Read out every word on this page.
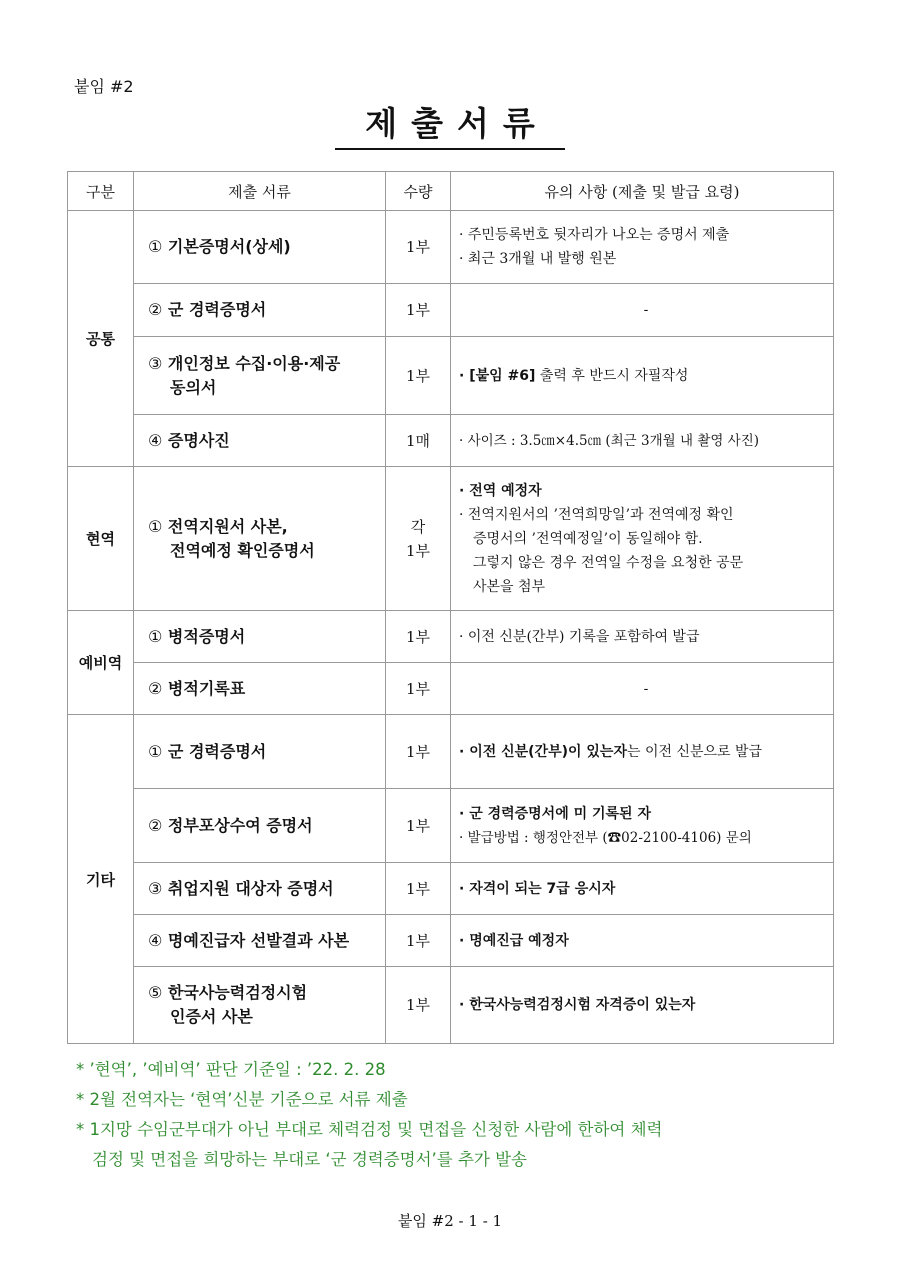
붙임 #2
제출서류
구분	제출 서류	수량	유의 사항 (제출 및 발급 요령)
공통	① 기본증명서(상세)	1부	· 주민등록번호 뒷자리가 나오는 증명서 제출
· 최근 3개월 내 발행 원본

	② 군 경력증명서	1부	-

	③ 개인정보 수집·이용·제공
동의서	1부	· [붙임 #6] 출력 후 반드시 자필작성
	④ 증명사진	1매	· 사이즈 : 3.5㎝×4.5㎝ (최근 3개월 내 촬영 사진)

현역	① 전역지원서 사본,
전역예정 확인증명서	각
1부	· 전역 예정자
· 전역지원서의 ’전역희망일’과 전역예정 확인
증명서의 ’전역예정일’이 동일해야 함.
그렇지 않은 경우 전역일 수정을 요청한 공문
사본을 첨부

예비역	① 병적증명서	1부	· 이전 신분(간부) 기록을 포함하여 발급

	② 병적기록표	1부	-

기타	① 군 경력증명서	1부	· 이전 신분(간부)이 있는자는 이전 신분으로 발급
	② 정부포상수여 증명서	1부	· 군 경력증명서에 미 기록된 자
· 발급방법 : 행정안전부 (☎02-2100-4106) 문의

	③ 취업지원 대상자 증명서	1부	· 자격이 되는 7급 응시자

	④ 명예진급자 선발결과 사본	1부	· 명예진급 예정자

	⑤ 한국사능력검정시험
인증서 사본	1부	· 한국사능력검정시험 자격증이 있는자
* ’현역’, ’예비역’ 판단 기준일 : ’22. 2. 28
* 2월 전역자는 ‘현역’신분 기준으로 서류 제출
* 1지망 수임군부대가 아닌 부대로 체력검정 및 면접을 신청한 사람에 한하여 체력
검정 및 면접을 희망하는 부대로 ‘군 경력증명서’를 추가 발송
붙임 #2 - 1 - 1
